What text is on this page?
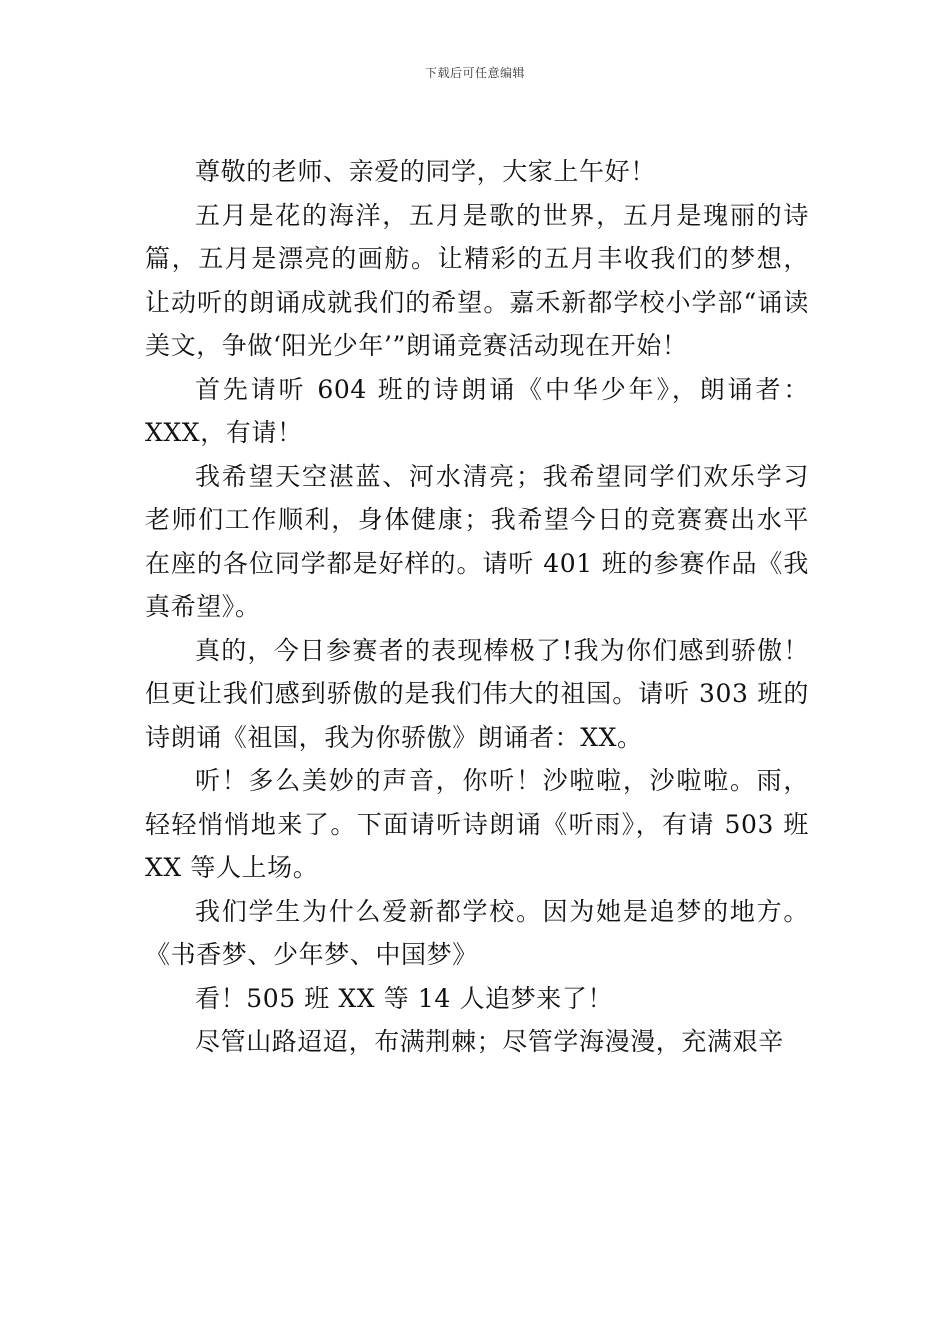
下载后可任意编辑

尊敬的老师、亲爱的同学，大家上午好！

五月是花的海洋，五月是歌的世界，五月是瑰丽的诗篇，五月是漂亮的画舫。让精彩的五月丰收我们的梦想，让动听的朗诵成就我们的希望。嘉禾新都学校小学部“诵读美文，争做‘阳光少年’”朗诵竞赛活动现在开始！

首先请听 604 班的诗朗诵《中华少年》，朗诵者：XXX，有请！

我希望天空湛蓝、河水清亮；我希望同学们欢乐学习老师们工作顺利，身体健康；我希望今日的竞赛赛出水平在座的各位同学都是好样的。请听 401 班的参赛作品《我真希望》。

真的，今日参赛者的表现棒极了!我为你们感到骄傲！但更让我们感到骄傲的是我们伟大的祖国。请听 303 班的诗朗诵《祖国，我为你骄傲》朗诵者：XX。

听！多么美妙的声音，你听！沙啦啦，沙啦啦。雨，轻轻悄悄地来了。下面请听诗朗诵《听雨》，有请 503 班 XX 等人上场。

我们学生为什么爱新都学校。因为她是追梦的地方。《书香梦、少年梦、中国梦》

看！505 班 XX 等 14 人追梦来了！

尽管山路迢迢，布满荆棘；尽管学海漫漫，充满艰辛
